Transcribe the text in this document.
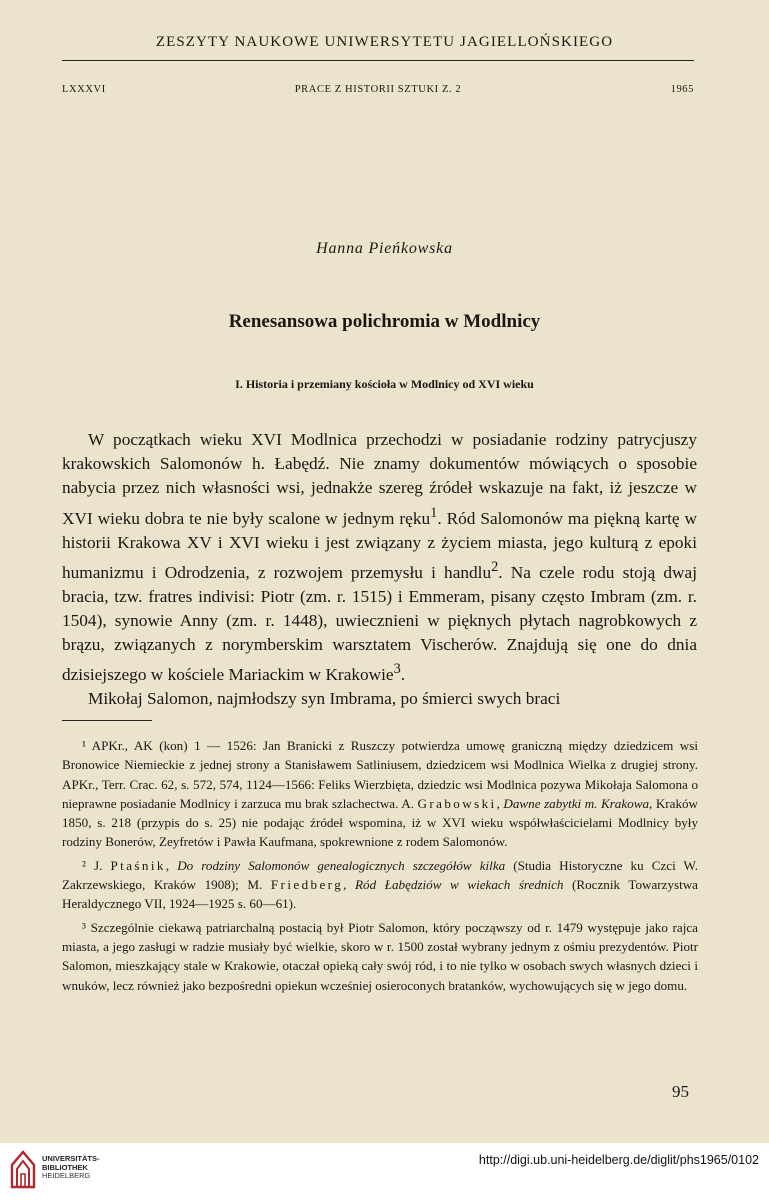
ZESZYTY NAUKOWE UNIWERSYTETU JAGIELLOŃSKIEGO
LXXXVI	PRACE Z HISTORII SZTUKI Z. 2	1965
Hanna Pieńkowska
Renesansowa polichromia w Modlnicy
I. Historia i przemiany kościoła w Modlnicy od XVI wieku

W początkach wieku XVI Modlnica przechodzi w posiadanie rodziny patrycjuszy krakowskich Salomonów h. Łabędź. Nie znamy dokumentów mówiących o sposobie nabycia przez nich własności wsi, jednakże szereg źródeł wskazuje na fakt, iż jeszcze w XVI wieku dobra te nie były scalone w jednym ręku$^1$. Ród Salomonów ma piękną kartę w historii Krakowa XV i XVI wieku i jest związany z życiem miasta, jego kulturą z epoki humanizmu i Odrodzenia, z rozwojem przemysłu i handlu$^2$. Na czele rodu stoją dwaj bracia, tzw. fratres indivisi: Piotr (zm. r. 1515) i Emmeram, pisany często Imbram (zm. r. 1504), synowie Anny (zm. r. 1448), uwiecznieni w pięknych płytach nagrobkowych z brązu, związanych z norymberskim warsztatem Vischerów. Znajdują się one do dnia dzisiejszego w kościele Mariackim w Krakowie$^3$.

Mikołaj Salomon, najmłodszy syn Imbrama, po śmierci swych braci

¹ APKr., AK (kon) 1 — 1526: Jan Branicki z Ruszczy potwierdza umowę graniczną między dziedzicem wsi Bronowice Niemieckie z jednej strony a Stanisławem Satliniusem, dziedzicem wsi Modlnica Wielka z drugiej strony. APKr., Terr. Crac. 62, s. 572, 574, 1124—1566: Feliks Wierzbięta, dziedzic wsi Modlnica pozywa Mikołaja Salomona o nieprawne posiadanie Modlnicy i zarzuca mu brak szlachectwa. A. Grabowski, Dawne zabytki m. Krakowa, Kraków 1850, s. 218 (przypis do s. 25) nie podając źródeł wspomina, iż w XVI wieku współwłaścicielami Modlnicy były rodziny Bonerów, Zeyfretów i Pawła Kaufmana, spokrewnione z rodem Salomonów.

² J. Ptaśnik, Do rodziny Salomonów genealogicznych szczegółów kilka (Studia Historyczne ku Czci W. Zakrzewskiego, Kraków 1908); M. Friedberg, Ród Łabędziów w wiekach średnich (Rocznik Towarzystwa Heraldycznego VII, 1924—1925 s. 60—61).

³ Szczególnie ciekawą patriarchalną postacią był Piotr Salomon, który począwszy od r. 1479 występuje jako rajca miasta, a jego zasługi w radzie musiały być wielkie, skoro w r. 1500 został wybrany jednym z ośmiu prezydentów. Piotr Salomon, mieszkający stale w Krakowie, otaczał opieką cały swój ród, i to nie tylko w osobach swych własnych dzieci i wnuków, lecz również jako bezpośredni opiekun wcześniej osieroconych bratanków, wychowujących się w jego domu.

95
UNIVERSITÄTS-
BIBLIOTHEK
HEIDELBERG
http://digi.ub.uni-heidelberg.de/diglit/phs1965/0102
